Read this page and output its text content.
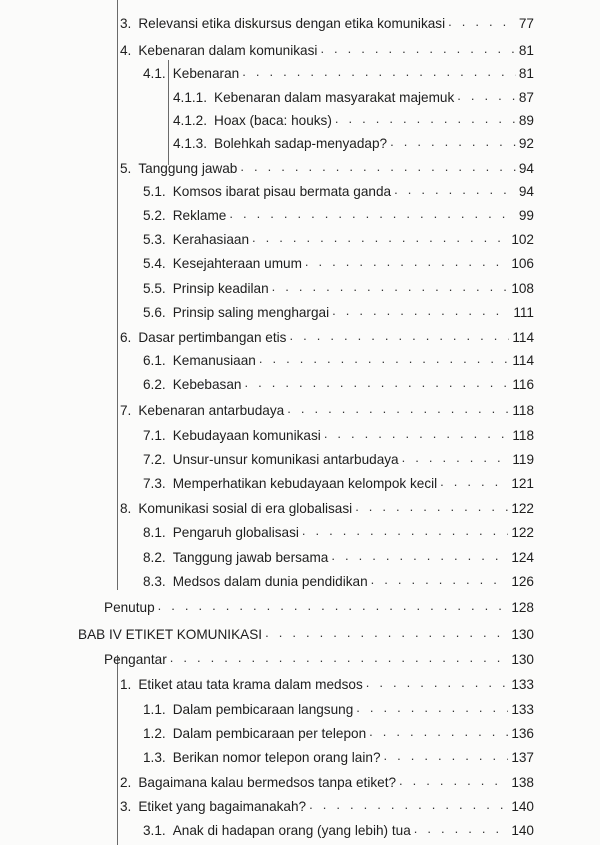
3. Relevansi etika diskursus dengan etika komunikasi . . .	77
4. Kebenaran dalam komunikasi . . .	81
4.1. Kebenaran . . .	81
4.1.1. Kebenaran dalam masyarakat majemuk . . .	87
4.1.2. Hoax (baca: houks) . . .	89
4.1.3. Bolehkah sadap-menyadap? . . .	92
5. Tanggung jawab . . .	94
5.1. Komsos ibarat pisau bermata ganda . . .	94
5.2. Reklame . . .	99
5.3. Kerahasiaan . . .	102
5.4. Kesejahteraan umum . . .	106
5.5. Prinsip keadilan . . .	108
5.6. Prinsip saling menghargai . . .	111
6. Dasar pertimbangan etis . . .	114
6.1. Kemanusiaan . . .	114
6.2. Kebebasan . . .	116
7. Kebenaran antarbudaya . . .	118
7.1. Kebudayaan komunikasi . . .	118
7.2. Unsur-unsur komunikasi antarbudaya . . .	119
7.3. Memperhatikan kebudayaan kelompok kecil . . .	121
8. Komunikasi sosial di era globalisasi . . .	122
8.1. Pengaruh globalisasi . . .	122
8.2. Tanggung jawab bersama . . .	124
8.3. Medsos dalam dunia pendidikan . . .	126
Penutup . . .	128
BAB IV ETIKET KOMUNIKASI . . .	130
Pengantar . . .	130
1. Etiket atau tata krama dalam medsos . . .	133
1.1. Dalam pembicaraan langsung . . .	133
1.2. Dalam pembicaraan per telepon . . .	136
1.3. Berikan nomor telepon orang lain? . . .	137
2. Bagaimana kalau bermedsos tanpa etiket? . . .	138
3. Etiket yang bagaimanakah? . . .	140
3.1. Anak di hadapan orang (yang lebih) tua . . .	140
